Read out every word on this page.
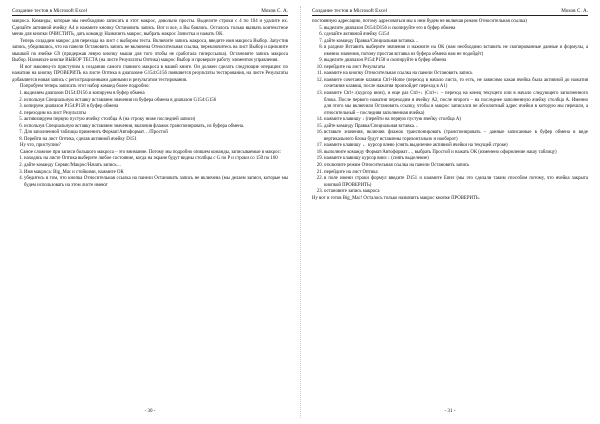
Создание тестов в Microsoft Excel	Мохов С. А.

макроса. Команды, которые мы необходимо записать в этот макрос, довольно просты. Выделите строки с 4 по 104 и удалите их. Сделайте активной ячейку А4 и нажмите кнопку Остановить запись. Вот и все, а Вы боялись. Осталось только вызвать контекстное меню для кнопки ОЧИСТИТЬ, дать команду Назначить макрос, выбрать макрос Зачистка и нажать ОК.

Теперь создадим макрос для перехода на лист с выбором теста. Включите запись макроса, введите имя макроса Выбор. Запустив запись, убедившись, что на панели Остановить запись не включена Относительная ссылка, переключитесь на лист Выбор и щелкните мышкой по ячейке G9 (придержав левую кнопку мыши для того чтобы не сработала гиперссылка). Остановите запись макроса Выбор. Назначьте кнопке ВЫБОР ТЕСТА (на листе Результаты Оптика) макрос Выбор и проверьте работу элементов управления.

И вот наконец-то приступим к созданию самого главного макроса в нашей книге. Он должен сделать следующие операции: по нажатию на кнопку ПРОВЕРИТЬ на листе Оптика в диапазоне G154:G156 появляется результаты тестирования, на листе Результаты добавляется новая запись с регистрационными данными и результатом тестирования.

Попробуем теперь записать этот набор команд более подробно:

1. выделяем диапазон D154:D156 и копируем в буфер обмена
2. используя Специальную вставку вставляем значения из буфера обмена в диапазон G154:G156
3. копируем диапазон P154:P158 в буфер обмена
4. переходим на лист Результаты
5. активизируем первую пустую ячейку столбца А (на строку ниже последней записи)
6. используя Специальную вставку вставляем значения, включив флажок транспонировать, из буфера обмена.
7. Для заполненной таблицы применить Формат/Автоформат…/Простой
8. Перейти на лист Оптика, сделав активной ячейку D151

Ну что, приступим?

Самое сложное при записи большого макроса – это внимание. Потому мы подробно опишем команды, записываемые в макрос:

1. находясь на листе Оптика выберите любое состояние, когда на экране будут видны столбцы с G по P и строки со 150 по 160
2. дайте команду Сервис/Макрос/Начать запись…
3. Имя макроса: Big_Mac и стойкими, нажмите ОК
4. убедитесь в том, что кнопка Относительная ссылка на панели Остановить запись не включена (мы делаем записи, которые мы будем использовать на этом листе имеют
- 30 -
Создание тестов в Microsoft Excel	Мохов С. А.

постоянную адресацию, потому адресоваться мы к ним будем не включая режим Относительная ссылка)

5. выделите диапазон D154:D156 и скопируйте его в буфер обмена
6. сделайте активной ячейку G154
7. дайте команду Правка/Специальная вставка…
8. в разделе Вставить выберите значения и нажмите на ОК (нам необходимо вставить не скопированные данные и формулы, а именно значения, потому простая вставка из буфера обмена нам не подойдёт)
9. выделите диапазон P154:P158 и скопируйте в буфер обмена
10. перейдите на лист Результаты
11. нажмите на кнопку Относительная ссылка на панели Остановить запись
12. нажмите сочетание клавиш Ctrl+Home (переход в начало листа, то есть, не зависимо какая ячейка была активной до нажатия сочетания клавиш, после нажатия произойдет переход в А1)
13. нажмите Ctrl+↓(курсор вниз), и еще раз Ctrl+↓ (Ctrl+↓ – переход на конец текущего или в начало следующего заполненного блока. После первого нажатия переходим в ячейку А2, после второго – на последнее заполненную ячейку столбца А. Именно для этого мы включили Остановить ссылку, чтобы в макрос записался не абсолютный адрес ячейки в которую мы перешли, а относительный – последняя заполненная ячейка)
14. нажмите клавишу ↓ (перейти на первую пустую ячейку столбца А)
15. дайте команду Правка/Специальная вставка…
16. вставьте значения, включив флажок транспонировать (транспонировать – данные записанные в буфер обмена в виде вертикального блока будут вставлены горизонтально и наоборот)
17. нажмите клавишу ← курсор влево (снять выделение активной ячейки на текущей строке)
18. выполните команду Формат/Автоформат…, выбрать Простой и нажать ОК (изменено оформление нашу таблицу)
19. нажмите клавишу курсор вниз ↓ (снять выделение)
20. отключите режим Относительная ссылка на панели Остановить запись
21. перейдите на лист Оптика
22. в поле имени строки формул введите D151 и нажмите Enter (мы это сделали таким способом потому, что ячейка закрыта кнопкой ПРОВЕРИТЬ)
23. остановите запись макроса

Ну вот и готов Big_Mac! Осталось только назначить макрос кнопке ПРОВЕРИТЬ.

- 31 -
